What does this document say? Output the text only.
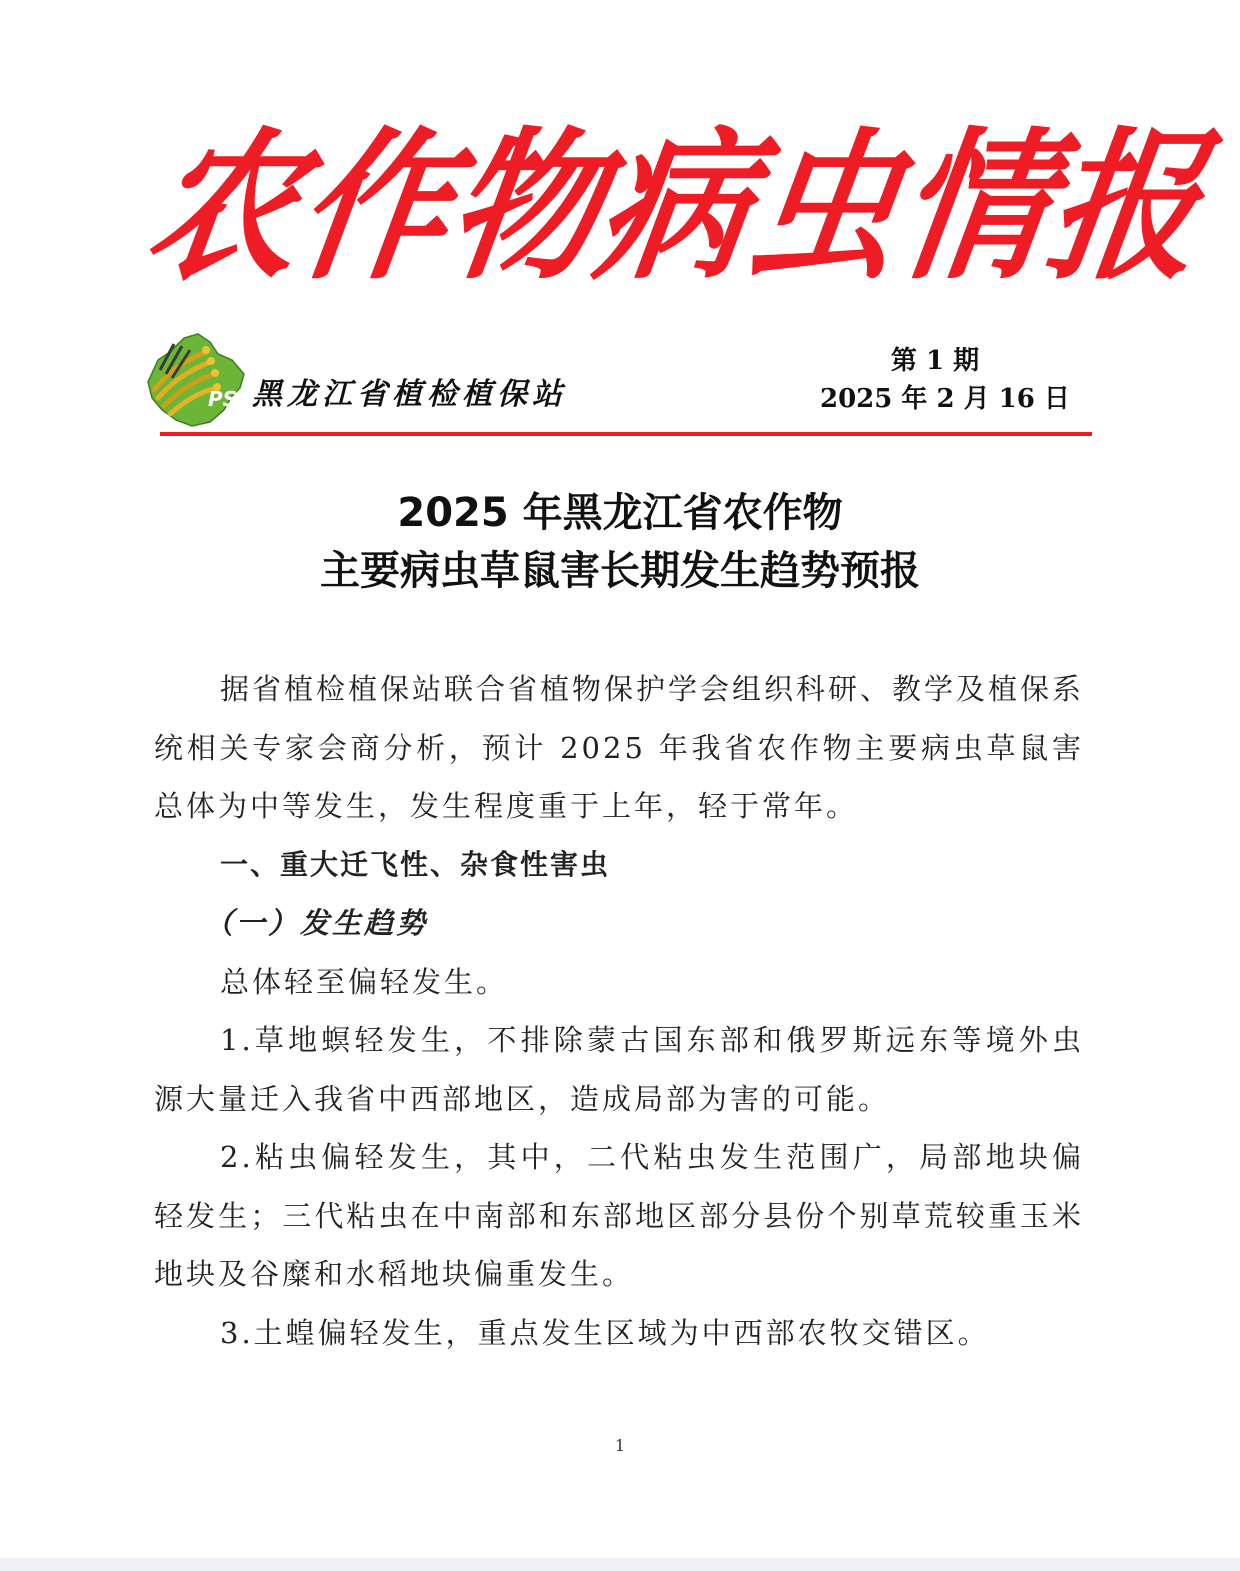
农
作
物
病
虫
情
报
PS 黑龙江省植检植保站
第 1 期
2025 年 2 月 16 日
2025 年黑龙江省农作物
主要病虫草鼠害长期发生趋势预报

据省植检植保站联合省植物保护学会组织科研、教学及植保系统相关专家会商分析，预计 2025 年我省农作物主要病虫草鼠害总体为中等发生，发生程度重于上年，轻于常年。

一、重大迁飞性、杂食性害虫

（一）发生趋势

总体轻至偏轻发生。

1.草地螟轻发生，不排除蒙古国东部和俄罗斯远东等境外虫源大量迁入我省中西部地区，造成局部为害的可能。

2.粘虫偏轻发生，其中，二代粘虫发生范围广，局部地块偏轻发生；三代粘虫在中南部和东部地区部分县份个别草荒较重玉米地块及谷糜和水稻地块偏重发生。

3.土蝗偏轻发生，重点发生区域为中西部农牧交错区。

1
